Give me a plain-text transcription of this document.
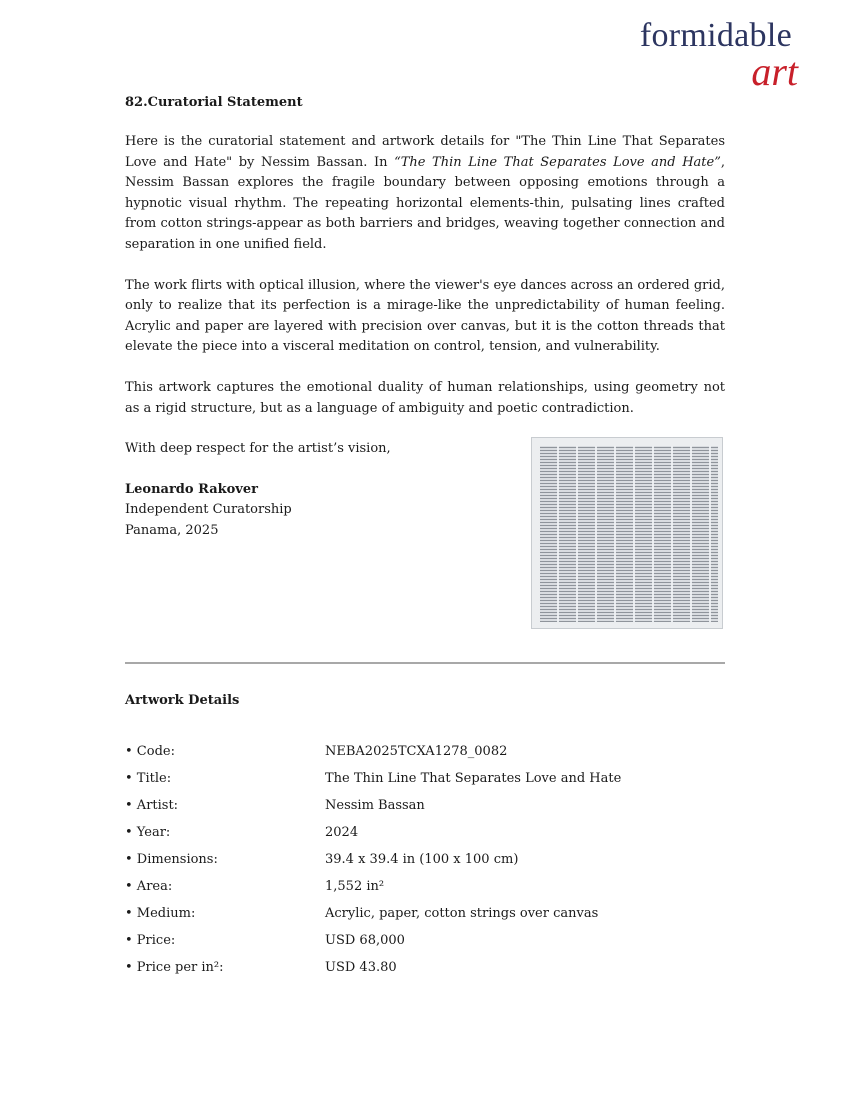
formidable
art
82.Curatorial Statement

Here is the curatorial statement and artwork details for "The Thin Line That Separates Love and Hate" by Nessim Bassan. In “The Thin Line That Separates Love and Hate”, Nessim Bassan explores the fragile boundary between opposing emotions through a hypnotic visual rhythm. The repeating horizontal elements-thin, pulsating lines crafted from cotton strings-appear as both barriers and bridges, weaving together connection and separation in one unified field.

The work flirts with optical illusion, where the viewer's eye dances across an ordered grid, only to realize that its perfection is a mirage-like the unpredictability of human feeling. Acrylic and paper are layered with precision over canvas, but it is the cotton threads that elevate the piece into a visceral meditation on control, tension, and vulnerability.

This artwork captures the emotional duality of human relationships, using geometry not as a rigid structure, but as a language of ambiguity and poetic contradiction.

With deep respect for the artist’s vision,

Leonardo Rakover
Independent Curatorship
Panama, 2025
Artwork Details
• Code:	NEBA2025TCXA1278_0082
• Title:	The Thin Line That Separates Love and Hate
• Artist:	Nessim Bassan
• Year:	2024
• Dimensions:	39.4 x 39.4 in (100 x 100 cm)
• Area:	1,552 in²
• Medium:	Acrylic, paper, cotton strings over canvas
• Price:	USD 68,000
• Price per in²:	USD 43.80
